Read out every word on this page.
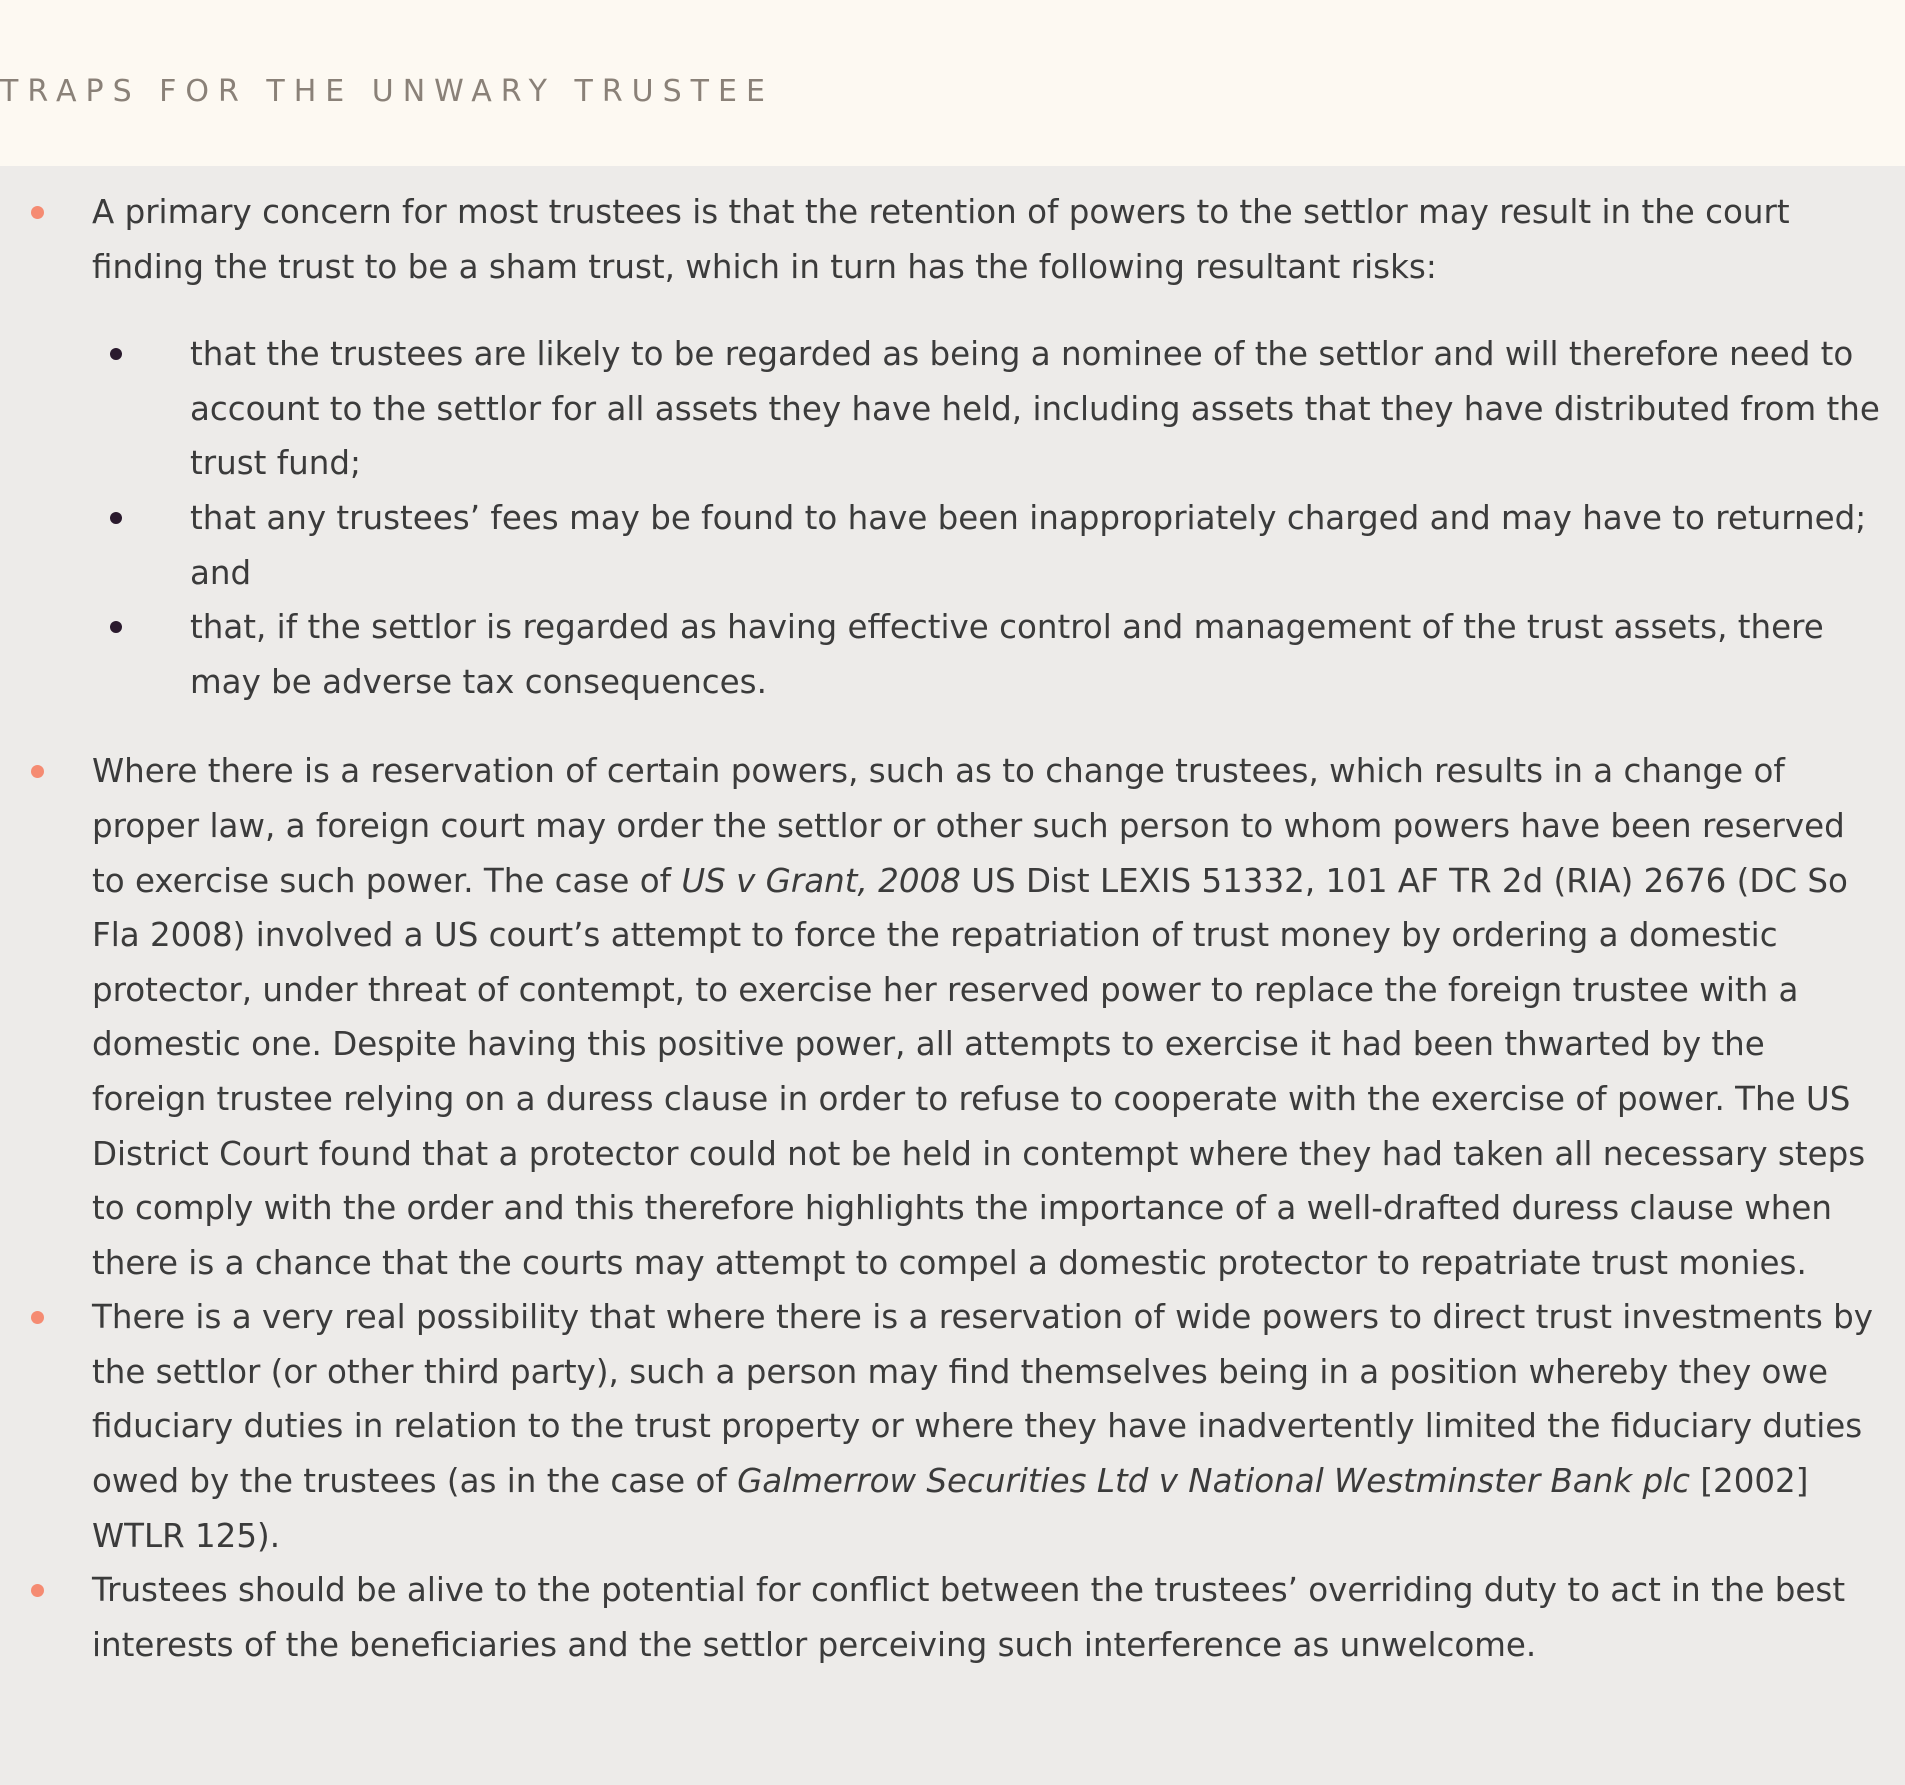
TRAPS FOR THE UNWARY TRUSTEE
A primary concern for most trustees is that the retention of powers to the settlor may result in the court finding the trust to be a sham trust, which in turn has the following resultant risks:
that the trustees are likely to be regarded as being a nominee of the settlor and will therefore need to account to the settlor for all assets they have held, including assets that they have distributed from the trust fund;
that any trustees’ fees may be found to have been inappropriately charged and may have to returned; and
that, if the settlor is regarded as having effective control and management of the trust assets, there may be adverse tax consequences.
Where there is a reservation of certain powers, such as to change trustees, which results in a change of proper law, a foreign court may order the settlor or other such person to whom powers have been reserved to exercise such power. The case of US v Grant, 2008 US Dist LEXIS 51332, 101 AF TR 2d (RIA) 2676 (DC So Fla 2008) involved a US court’s attempt to force the repatriation of trust money by ordering a domestic protector, under threat of contempt, to exercise her reserved power to replace the foreign trustee with a domestic one. Despite having this positive power, all attempts to exercise it had been thwarted by the foreign trustee relying on a duress clause in order to refuse to cooperate with the exercise of power. The US District Court found that a protector could not be held in contempt where they had taken all necessary steps to comply with the order and this therefore highlights the importance of a well-drafted duress clause when there is a chance that the courts may attempt to compel a domestic protector to repatriate trust monies.
There is a very real possibility that where there is a reservation of wide powers to direct trust investments by the settlor (or other third party), such a person may find themselves being in a position whereby they owe fiduciary duties in relation to the trust property or where they have inadvertently limited the fiduciary duties owed by the trustees (as in the case of Galmerrow Securities Ltd v National Westminster Bank plc [2002] WTLR 125).
Trustees should be alive to the potential for conflict between the trustees’ overriding duty to act in the best interests of the beneficiaries and the settlor perceiving such interference as unwelcome.
